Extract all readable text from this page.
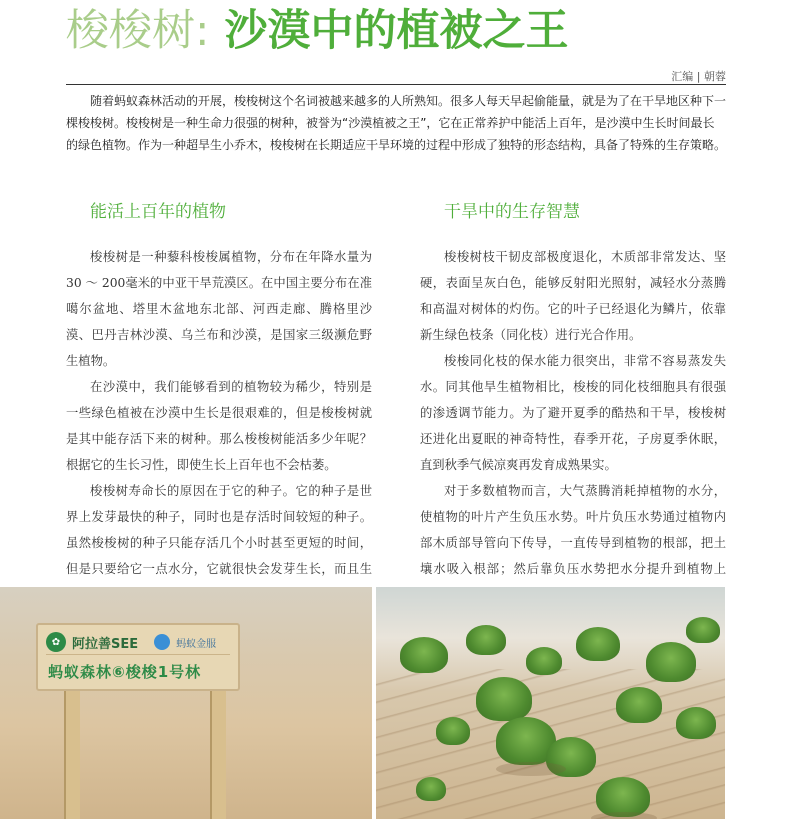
梭梭树: 沙漠中的植被之王
汇编 | 朝蓉

随着蚂蚁森林活动的开展，梭梭树这个名词被越来越多的人所熟知。很多人每天早起偷能量，就是为了在干旱地区种下一棵梭梭树。梭梭树是一种生命力很强的树种，被誉为“沙漠植被之王”，它在正常养护中能活上百年，是沙漠中生长时间最长的绿色植物。作为一种超旱生小乔木，梭梭树在长期适应干旱环境的过程中形成了独特的形态结构，具备了特殊的生存策略。

能活上百年的植物	干旱中的生存智慧

梭梭树是一种藜科梭梭属植物，分布在年降水量为30 ～ 200毫米的中亚干旱荒漠区。在中国主要分布在准噶尔盆地、塔里木盆地东北部、河西走廊、腾格里沙漠、巴丹吉林沙漠、乌兰布和沙漠，是国家三级濒危野生植物。

在沙漠中，我们能够看到的植物较为稀少，特别是一些绿色植被在沙漠中生长是很艰难的，但是梭梭树就是其中能存活下来的树种。那么梭梭树能活多少年呢？根据它的生长习性，即使生长上百年也不会枯萎。

梭梭树寿命长的原因在于它的种子。它的种子是世界上发芽最快的种子，同时也是存活时间较短的种子。虽然梭梭树的种子只能存活几个小时甚至更短的时间，但是只要给它一点水分，它就很快会发芽生长，而且生

梭梭树枝干韧皮部极度退化，木质部非常发达、坚硬，表面呈灰白色，能够反射阳光照射，减轻水分蒸腾和高温对树体的灼伤。它的叶子已经退化为鳞片，依靠新生绿色枝条（同化枝）进行光合作用。

梭梭同化枝的保水能力很突出，非常不容易蒸发失水。同其他旱生植物相比，梭梭的同化枝细胞具有很强的渗透调节能力。为了避开夏季的酷热和干旱，梭梭树还进化出夏眠的神奇特性，春季开花，子房夏季休眠，直到秋季气候凉爽再发育成熟果实。

对于多数植物而言，大气蒸腾消耗掉植物的水分，使植物的叶片产生负压水势。叶片负压水势通过植物内部木质部导管向下传导，一直传导到植物的根部，把土壤水吸入根部；然后靠负压水势把水分提升到植物上

✿ 阿拉善SEE	蚂蚁金服
蚂蚁森林⑥梭梭1号林
